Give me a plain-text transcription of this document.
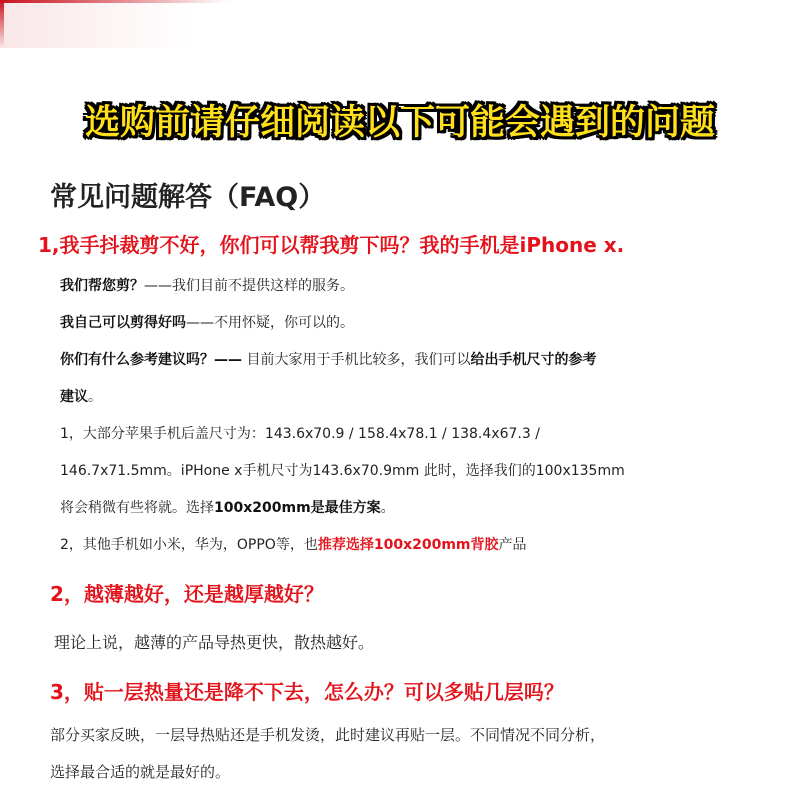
选购前请仔细阅读以下可能会遇到的问题
常见问题解答（FAQ）
1,我手抖裁剪不好，你们可以帮我剪下吗？我的手机是iPhone x.
我们帮您剪？——我们目前不提供这样的服务。
我自己可以剪得好吗——不用怀疑，你可以的。
你们有什么参考建议吗？—— 目前大家用于手机比较多，我们可以给出手机尺寸的参考
建议。
1，大部分苹果手机后盖尺寸为：143.6x70.9 / 158.4x78.1 / 138.4x67.3 /
146.7x71.5mm。iPHone x手机尺寸为143.6x70.9mm 此时，选择我们的100x135mm
将会稍微有些将就。选择100x200mm是最佳方案。
2，其他手机如小米，华为，OPPO等，也推荐选择100x200mm背胶产品
2，越薄越好，还是越厚越好？
理论上说，越薄的产品导热更快，散热越好。
3，贴一层热量还是降不下去，怎么办？可以多贴几层吗？
部分买家反映，一层导热贴还是手机发烫，此时建议再贴一层。不同情况不同分析，
选择最合适的就是最好的。
